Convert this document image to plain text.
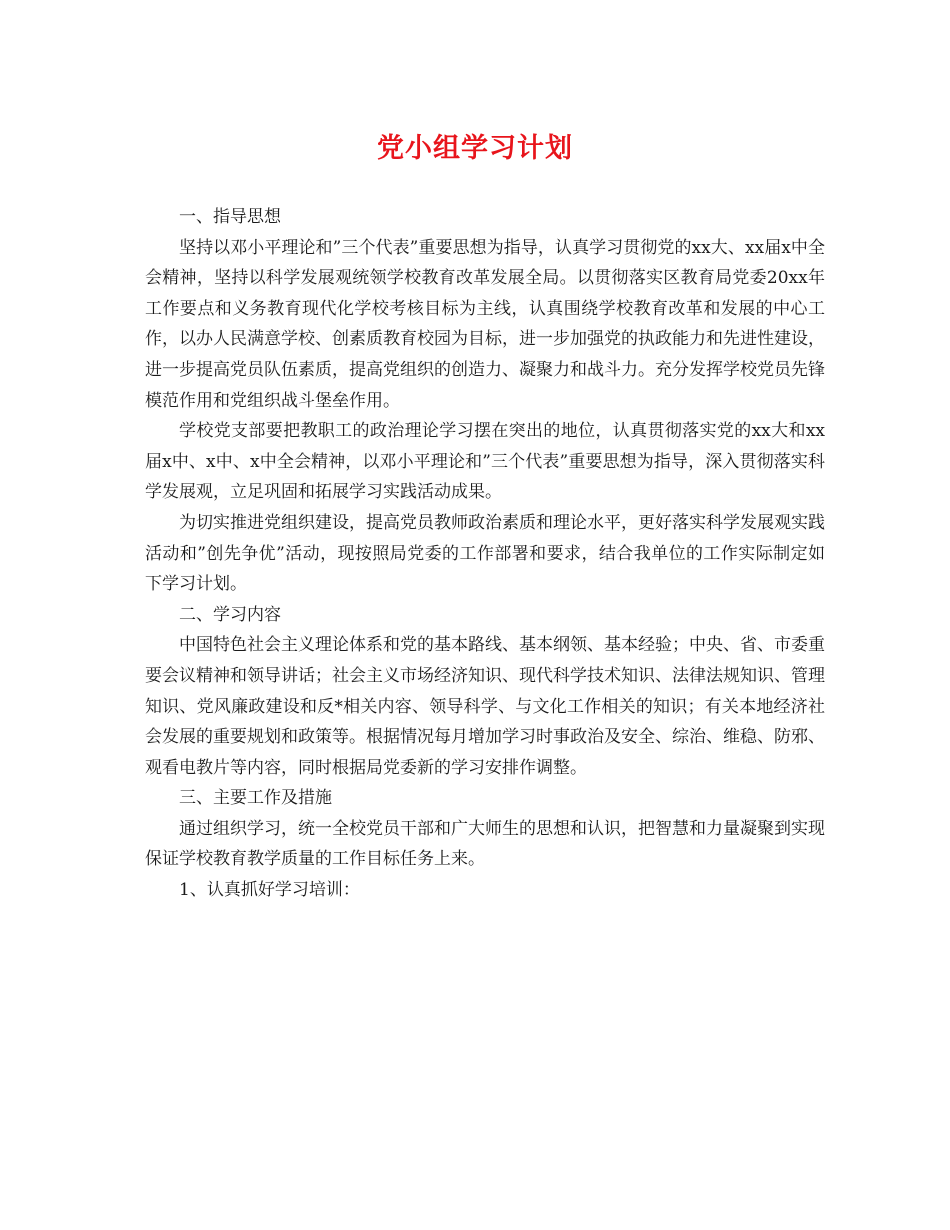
党小组学习计划

一、指导思想

坚持以邓小平理论和”三个代表”重要思想为指导，认真学习贯彻党的xx大、xx届x中全会精神，坚持以科学发展观统领学校教育改革发展全局。以贯彻落实区教育局党委20xx年工作要点和义务教育现代化学校考核目标为主线，认真围绕学校教育改革和发展的中心工作，以办人民满意学校、创素质教育校园为目标，进一步加强党的执政能力和先进性建设，进一步提高党员队伍素质，提高党组织的创造力、凝聚力和战斗力。充分发挥学校党员先锋模范作用和党组织战斗堡垒作用。

学校党支部要把教职工的政治理论学习摆在突出的地位，认真贯彻落实党的xx大和xx届x中、x中、x中全会精神，以邓小平理论和”三个代表”重要思想为指导，深入贯彻落实科学发展观，立足巩固和拓展学习实践活动成果。

为切实推进党组织建设，提高党员教师政治素质和理论水平，更好落实科学发展观实践活动和”创先争优”活动，现按照局党委的工作部署和要求，结合我单位的工作实际制定如下学习计划。

二、学习内容

中国特色社会主义理论体系和党的基本路线、基本纲领、基本经验；中央、省、市委重要会议精神和领导讲话；社会主义市场经济知识、现代科学技术知识、法律法规知识、管理知识、党风廉政建设和反*相关内容、领导科学、与文化工作相关的知识；有关本地经济社会发展的重要规划和政策等。根据情况每月增加学习时事政治及安全、综治、维稳、防邪、观看电教片等内容，同时根据局党委新的学习安排作调整。

三、主要工作及措施

通过组织学习，统一全校党员干部和广大师生的思想和认识，把智慧和力量凝聚到实现保证学校教育教学质量的工作目标任务上来。

1、认真抓好学习培训：
